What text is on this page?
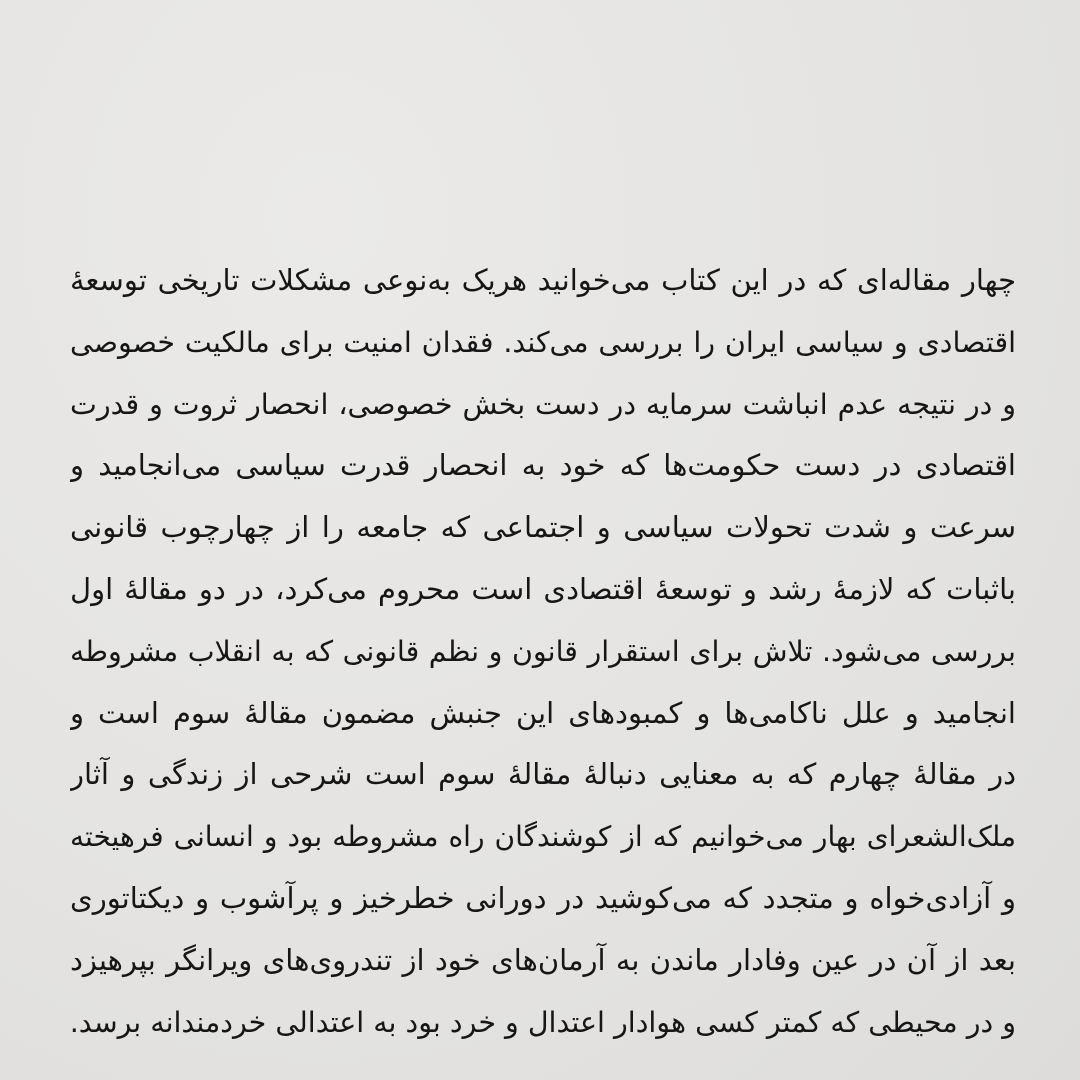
چهار مقاله‌ای که در این کتاب می‌خوانید هریک به‌نوعی مشکلات تاریخی توسعهٔ
اقتصادی و سیاسی ایران را بررسی می‌کند. فقدان امنیت برای مالکیت خصوصی
و در نتیجه عدم انباشت سرمایه در دست بخش خصوصی، انحصار ثروت و قدرت
اقتصادی در دست حکومت‌ها که خود به انحصار قدرت سیاسی می‌انجامید و
سرعت و شدت تحولات سیاسی و اجتماعی که جامعه را از چهارچوب قانونی
باثبات که لازمهٔ رشد و توسعهٔ اقتصادی است محروم می‌کرد، در دو مقالهٔ اول
بررسی می‌شود. تلاش برای استقرار قانون و نظم قانونی که به انقلاب مشروطه
انجامید و علل ناکامی‌ها و کمبودهای این جنبش مضمون مقالهٔ سوم است و
در مقالهٔ چهارم که به معنایی دنبالهٔ مقالهٔ سوم است شرحی از زندگی و آثار
ملک‌الشعرای بهار می‌خوانیم که از کوشندگان راه مشروطه بود و انسانی فرهیخته
و آزادی‌خواه و متجدد که می‌کوشید در دورانی خطرخیز و پرآشوب و دیکتاتوری
بعد از آن در عین وفادار ماندن به آرمان‌های خود از تندروی‌های ویرانگر بپرهیزد
و در محیطی که کمتر کسی هوادار اعتدال و خرد بود به اعتدالی خردمندانه برسد.
